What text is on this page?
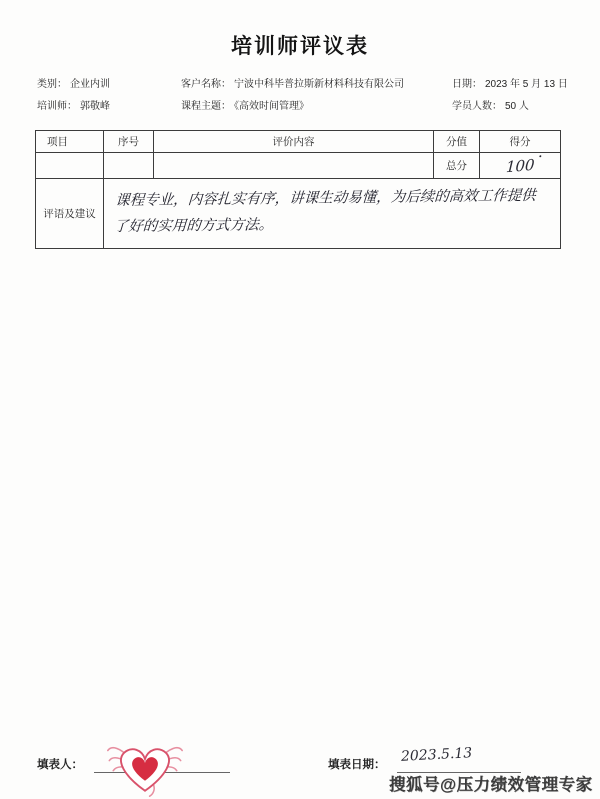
培训师评议表
类别： 企业内训
培训师： 郭敬峰
客户名称： 宁波中科毕普拉斯新材料科技有限公司
课程主题： 《高效时间管理》
日期： 2023 年 5 月 13 日
学员人数： 50 人
项目	序号	评价内容	分值	得分
			总分	100
评语及建议	课程专业，内容扎实有序，讲课生动易懂，为后续的高效工作提供了好的实用的方式方法。			
填表人：	填表日期：
2023.5.13
搜狐号@压力绩效管理专家
